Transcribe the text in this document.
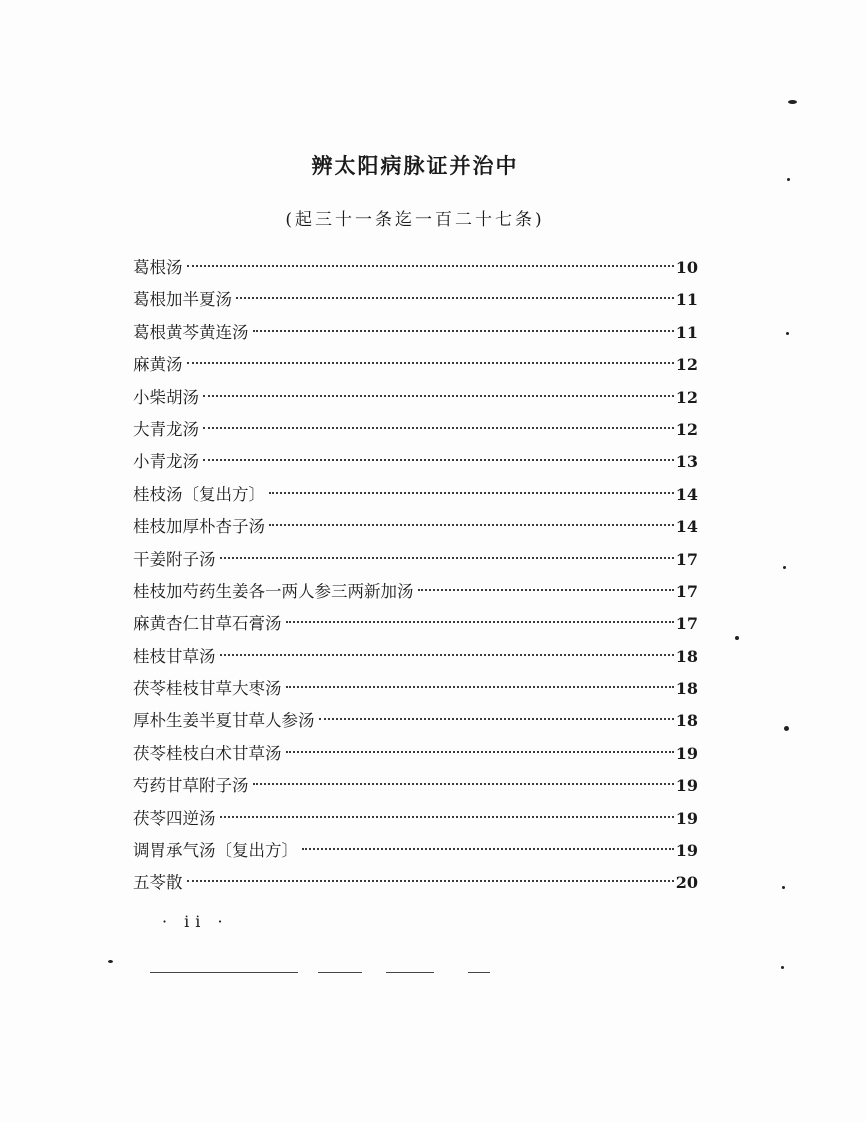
辨太阳病脉证并治中
(起三十一条迄一百二十七条)
葛根汤	10
葛根加半夏汤	11
葛根黄芩黄连汤	11
麻黄汤	12
小柴胡汤	12
大青龙汤	12
小青龙汤	13
桂枝汤〔复出方〕	14
桂枝加厚朴杏子汤	14
干姜附子汤	17
桂枝加芍药生姜各一两人参三两新加汤	17
麻黄杏仁甘草石膏汤	17
桂枝甘草汤	18
茯苓桂枝甘草大枣汤	18
厚朴生姜半夏甘草人参汤	18
茯苓桂枝白术甘草汤	19
芍药甘草附子汤	19
茯苓四逆汤	19
调胃承气汤〔复出方〕	19
五苓散	20
· ii ·
